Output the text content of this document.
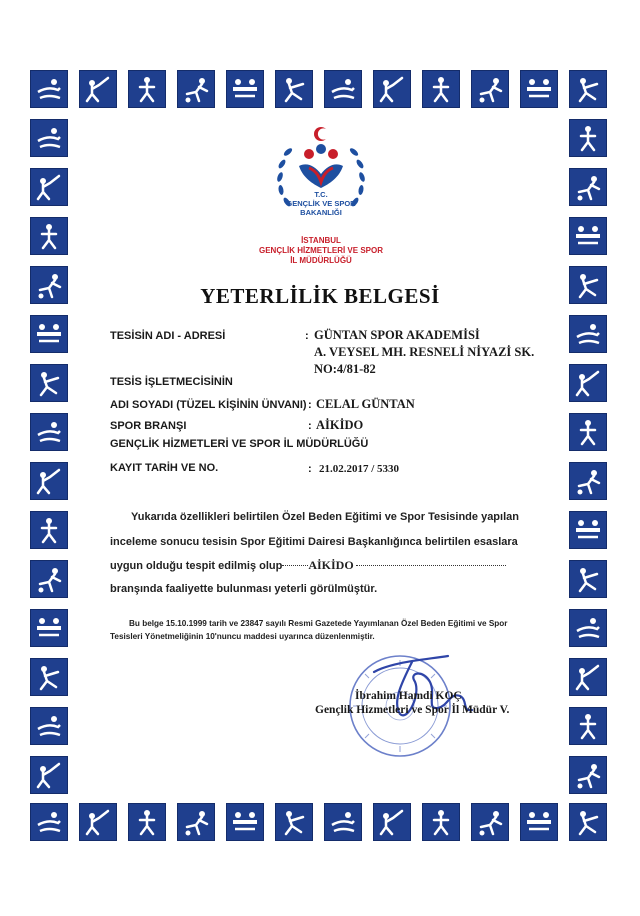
T.C.
GENÇLİK VE SPOR
BAKANLIĞI
İSTANBUL
GENÇLİK HİZMETLERİ VE SPOR
İL MÜDÜRLÜĞÜ
YETERLİLİK BELGESİ
TESİSİN ADI - ADRESİ	: GÜNTAN SPOR AKADEMİSİ
A. VEYSEL MH. RESNELİ NİYAZİ SK.
NO:4/81-82
TESİS İŞLETMECİSİNİN
ADI SOYADI (TÜZEL KİŞİNİN ÜNVANI) : CELAL GÜNTAN
SPOR BRANŞI	: AİKİDO
GENÇLİK HİZMETLERİ VE SPOR İL MÜDÜRLÜĞÜ
KAYIT TARİH VE NO.	: 21.02.2017 / 5330
Yukarıda özellikleri belirtilen Özel Beden Eğitimi ve Spor Tesisinde yapılan
inceleme sonucu tesisin Spor Eğitimi Dairesi Başkanlığınca belirtilen esaslara
uygun olduğu tespit edilmiş olup AİKİDO
branşında faaliyette bulunması yeterli görülmüştür.
Bu belge 15.10.1999 tarih ve 23847 sayılı Resmi Gazetede Yayımlanan Özel Beden Eğitimi ve Spor
Tesisleri Yönetmeliğinin 10'nuncu maddesi uyarınca düzenlenmiştir.
İbrahim Hamdi KOÇ
Gençlik Hizmetleri ve Spor İl Müdür V.
